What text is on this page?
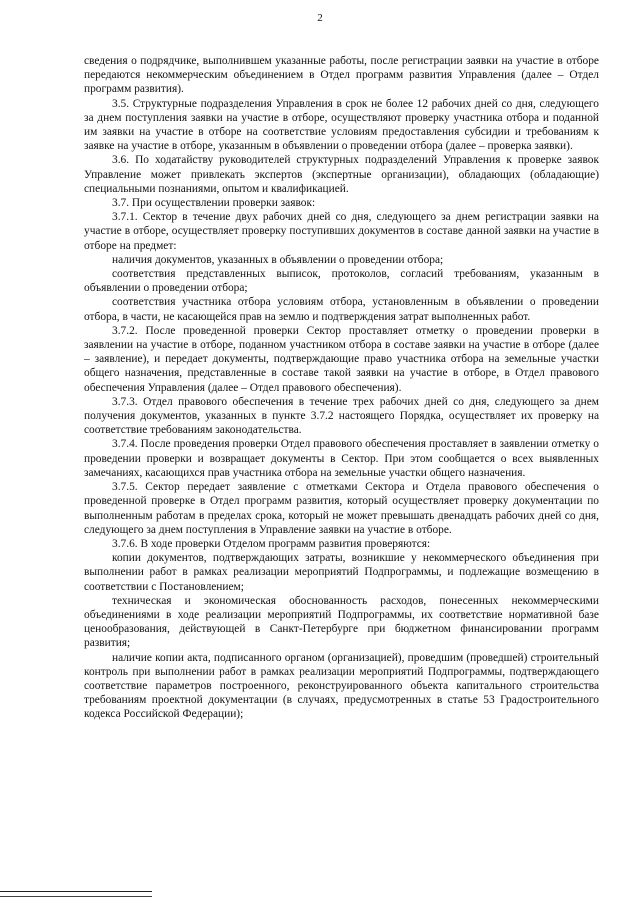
2

сведения о подрядчике, выполнившем указанные работы, после регистрации заявки на участие в отборе передаются некоммерческим объединением в Отдел программ развития Управления (далее – Отдел программ развития).

3.5. Структурные подразделения Управления в срок не более 12 рабочих дней со дня, следующего за днем поступления заявки на участие в отборе, осуществляют проверку участника отбора и поданной им заявки на участие в отборе на соответствие условиям предоставления субсидии и требованиям к заявке на участие в отборе, указанным в объявлении о проведении отбора (далее – проверка заявки).

3.6. По ходатайству руководителей структурных подразделений Управления к проверке заявок Управление может привлекать экспертов (экспертные организации), обладающих (обладающие) специальными познаниями, опытом и квалификацией.

3.7. При осуществлении проверки заявок:

3.7.1. Сектор в течение двух рабочих дней со дня, следующего за днем регистрации заявки на участие в отборе, осуществляет проверку поступивших документов в составе данной заявки на участие в отборе на предмет:

наличия документов, указанных в объявлении о проведении отбора;

соответствия представленных выписок, протоколов, согласий требованиям, указанным в объявлении о проведении отбора;

соответствия участника отбора условиям отбора, установленным в объявлении о проведении отбора, в части, не касающейся прав на землю и подтверждения затрат выполненных работ.

3.7.2. После проведенной проверки Сектор проставляет отметку о проведении проверки в заявлении на участие в отборе, поданном участником отбора в составе заявки на участие в отборе (далее – заявление), и передает документы, подтверждающие право участника отбора на земельные участки общего назначения, представленные в составе такой заявки на участие в отборе, в Отдел правового обеспечения Управления (далее – Отдел правового обеспечения).

3.7.3. Отдел правового обеспечения в течение трех рабочих дней со дня, следующего за днем получения документов, указанных в пункте 3.7.2 настоящего Порядка, осуществляет их проверку на соответствие требованиям законодательства.

3.7.4. После проведения проверки Отдел правового обеспечения проставляет в заявлении отметку о проведении проверки и возвращает документы в Сектор. При этом сообщается о всех выявленных замечаниях, касающихся прав участника отбора на земельные участки общего назначения.

3.7.5. Сектор передает заявление с отметками Сектора и Отдела правового обеспечения о проведенной проверке в Отдел программ развития, который осуществляет проверку документации по выполненным работам в пределах срока, который не может превышать двенадцать рабочих дней со дня, следующего за днем поступления в Управление заявки на участие в отборе.

3.7.6. В ходе проверки Отделом программ развития проверяются:

копии документов, подтверждающих затраты, возникшие у некоммерческого объединения при выполнении работ в рамках реализации мероприятий Подпрограммы, и подлежащие возмещению в соответствии с Постановлением;

техническая и экономическая обоснованность расходов, понесенных некоммерческими объединениями в ходе реализации мероприятий Подпрограммы, их соответствие нормативной базе ценообразования, действующей в Санкт-Петербурге при бюджетном финансировании программ развития;

наличие копии акта, подписанного органом (организацией), проведшим (проведшей) строительный контроль при выполнении работ в рамках реализации мероприятий Подпрограммы, подтверждающего соответствие параметров построенного, реконструированного объекта капитального строительства требованиям проектной документации (в случаях, предусмотренных в статье 53 Градостроительного кодекса Российской Федерации);
